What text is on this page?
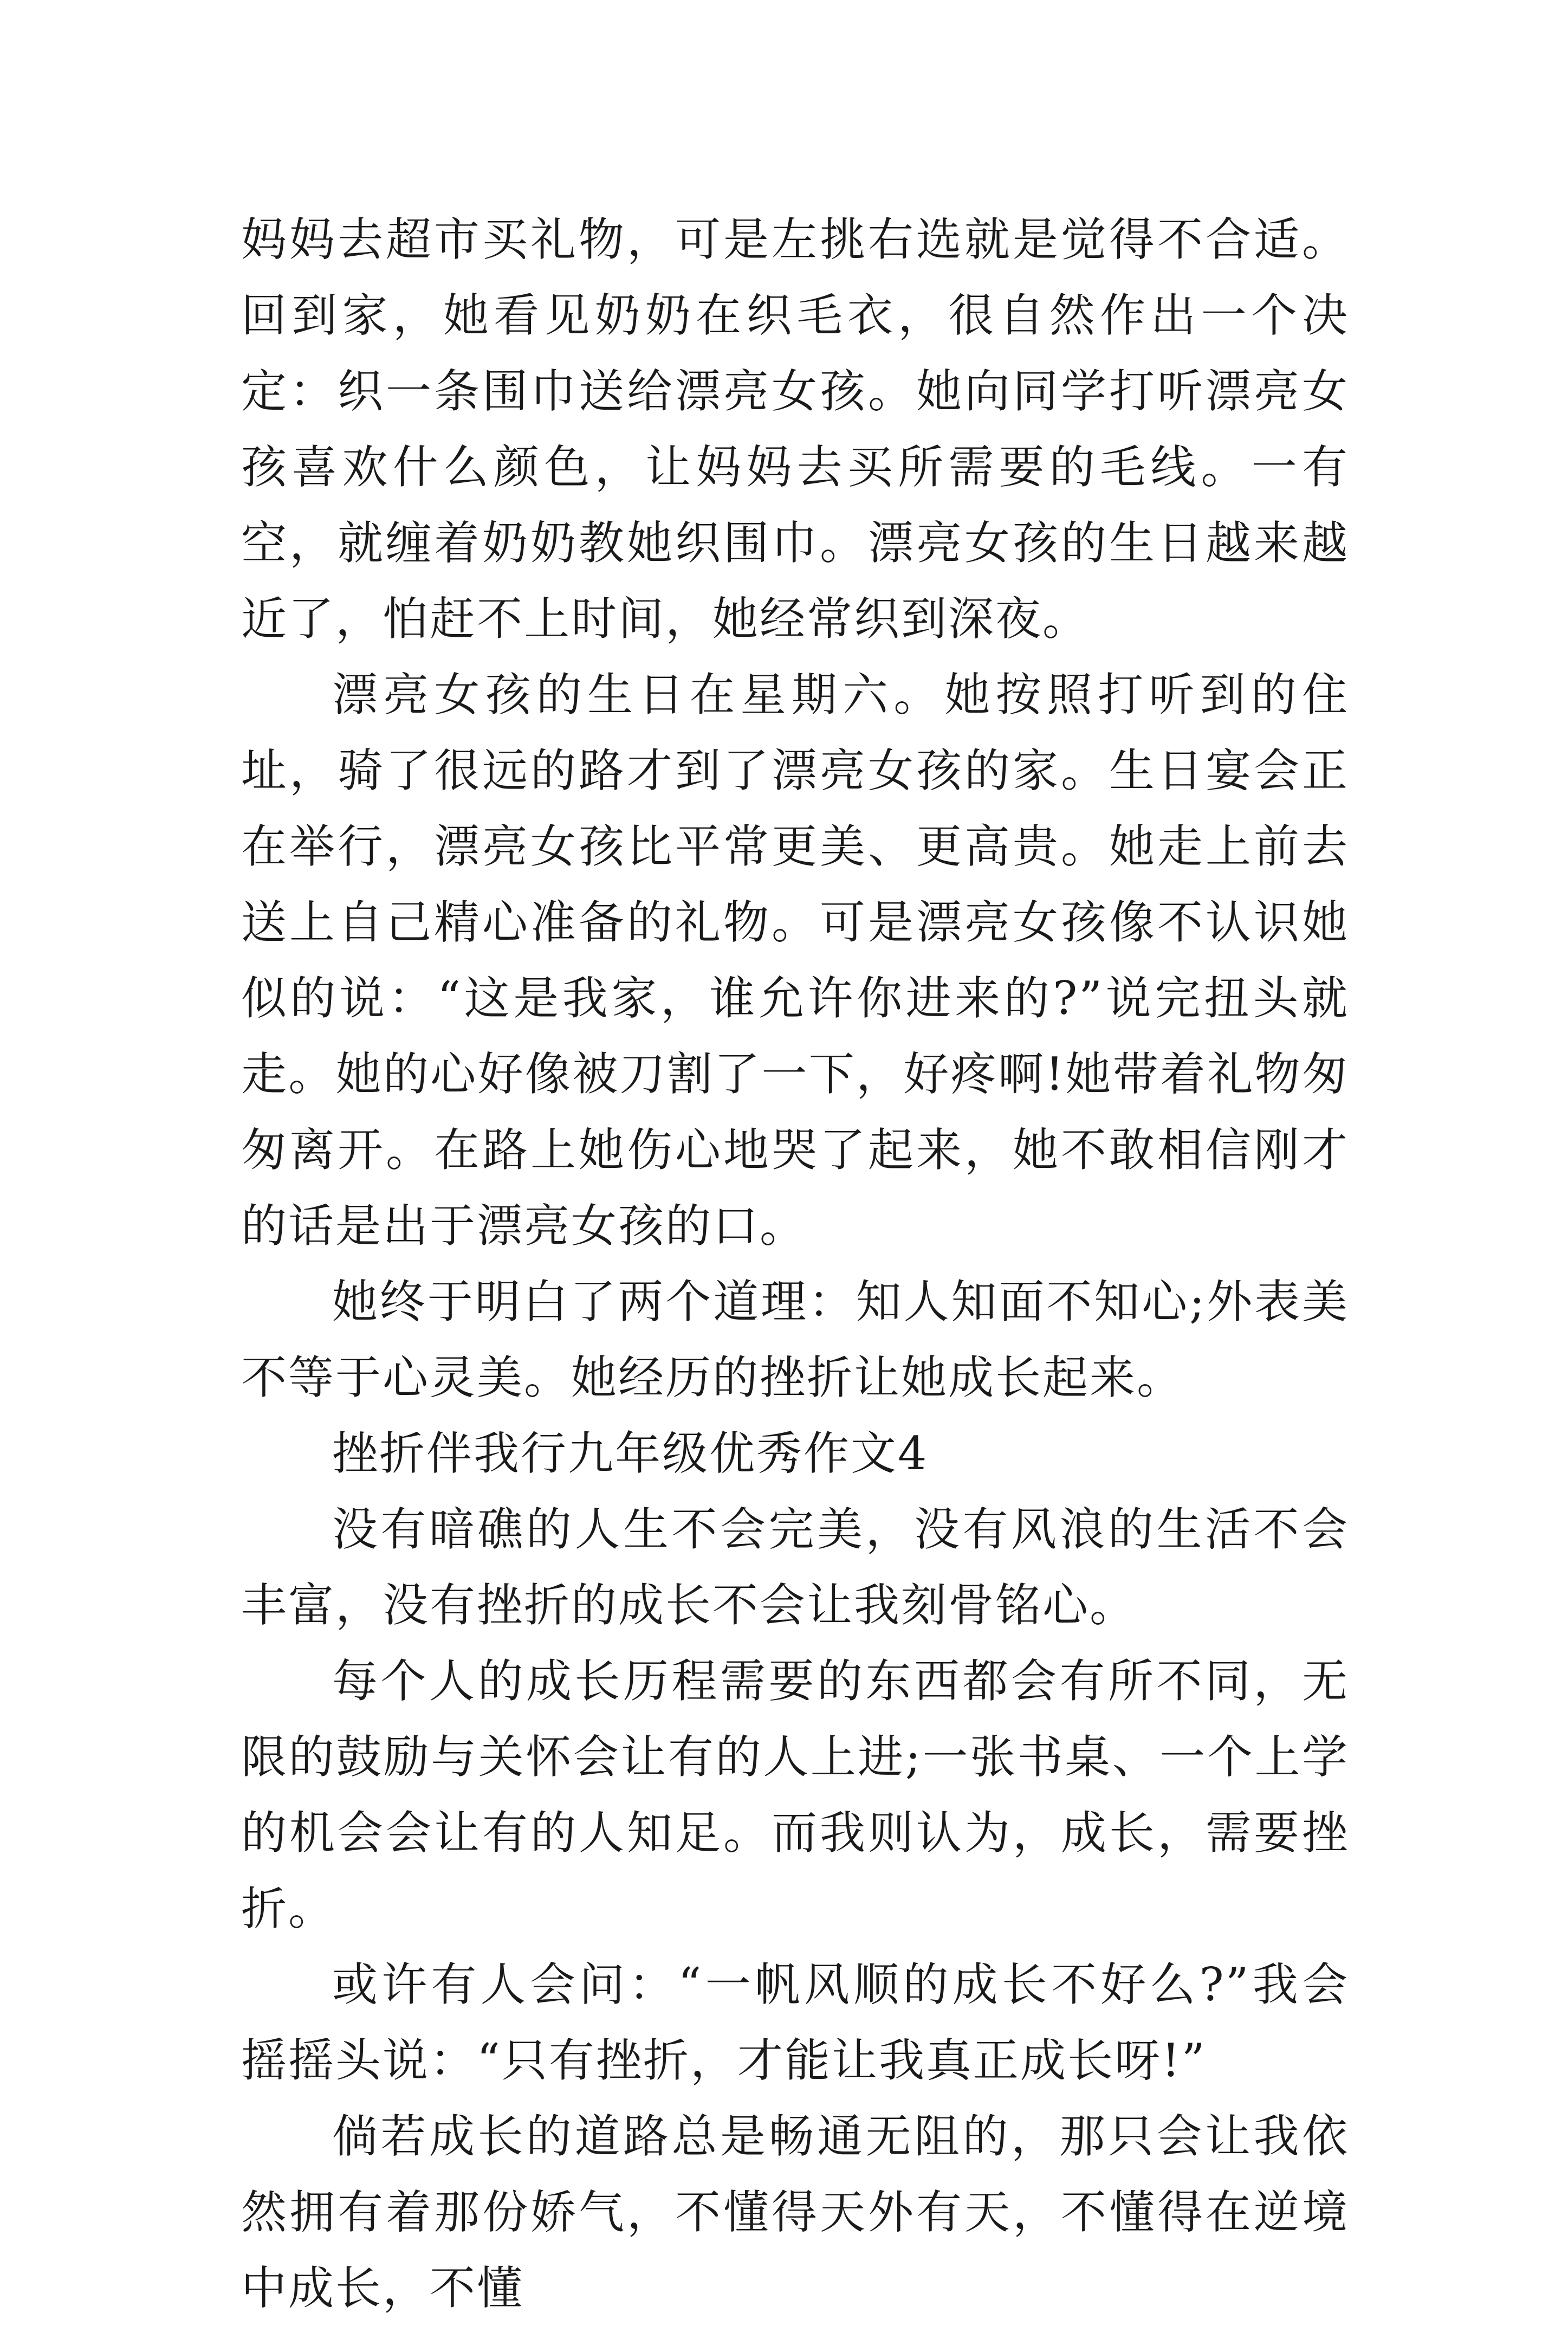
妈妈去超市买礼物，可是左挑右选就是觉得不合适。回到家，她看见奶奶在织毛衣，很自然作出一个决定：织一条围巾送给漂亮女孩。她向同学打听漂亮女孩喜欢什么颜色，让妈妈去买所需要的毛线。一有空，就缠着奶奶教她织围巾。漂亮女孩的生日越来越近了，怕赶不上时间，她经常织到深夜。

漂亮女孩的生日在星期六。她按照打听到的住址，骑了很远的路才到了漂亮女孩的家。生日宴会正在举行，漂亮女孩比平常更美、更高贵。她走上前去送上自己精心准备的礼物。可是漂亮女孩像不认识她似的说：“这是我家，谁允许你进来的?”说完扭头就走。她的心好像被刀割了一下，好疼啊!她带着礼物匆匆离开。在路上她伤心地哭了起来，她不敢相信刚才的话是出于漂亮女孩的口。

她终于明白了两个道理：知人知面不知心;外表美不等于心灵美。她经历的挫折让她成长起来。

挫折伴我行九年级优秀作文4

没有暗礁的人生不会完美，没有风浪的生活不会丰富，没有挫折的成长不会让我刻骨铭心。

每个人的成长历程需要的东西都会有所不同，无限的鼓励与关怀会让有的人上进;一张书桌、一个上学的机会会让有的人知足。而我则认为，成长，需要挫折。

或许有人会问：“一帆风顺的成长不好么?”我会摇摇头说：“只有挫折，才能让我真正成长呀!”

倘若成长的道路总是畅通无阻的，那只会让我依然拥有着那份娇气，不懂得天外有天，不懂得在逆境中成长，不懂
